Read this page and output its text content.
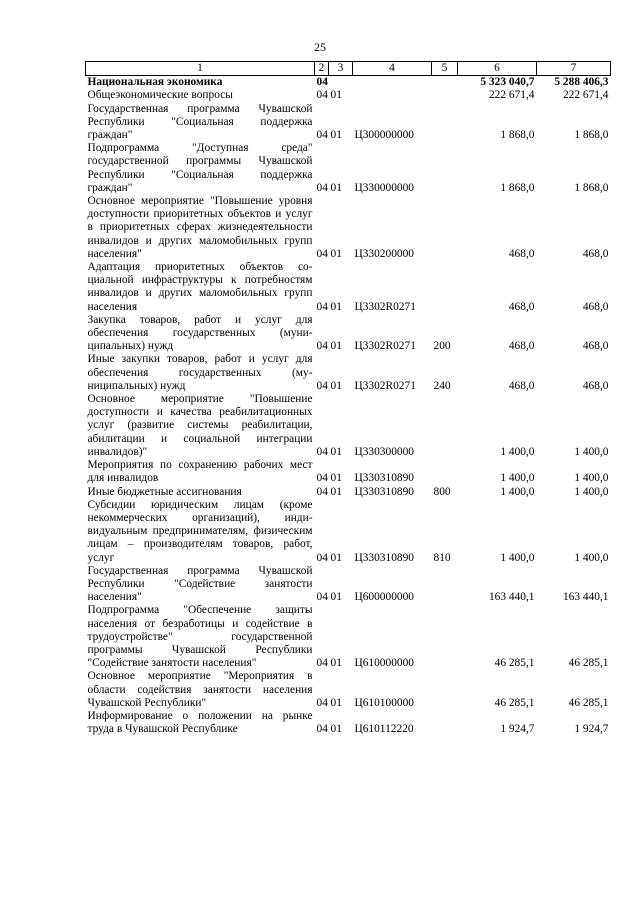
25
1	2	3	4	5	6	7
Национальная экономика	04				5 323 040,7	5 288 406,3
Общеэкономические вопросы	04	01			222 671,4	222 671,4
Государственная программа Чувашской Республики "Социальная поддержка граждан"	04	01	Ц300000000		1 868,0	1 868,0
Подпрограмма "Доступная среда" государственной программы Чувашской Республики "Социальная поддержка граждан"	04	01	Ц330000000		1 868,0	1 868,0
Основное мероприятие "Повышение уровня доступности приоритетных объектов и услуг в приоритетных сферах жизнедеятельности инвалидов и других маломобильных групп населения"	04	01	Ц330200000		468,0	468,0
Адаптация приоритетных объектов социальной инфраструктуры к потребностям инвалидов и других маломобильных групп населения	04	01	Ц3302R0271		468,0	468,0
Закупка товаров, работ и услуг для обеспечения государственных (муниципальных) нужд	04	01	Ц3302R0271	200	468,0	468,0
Иные закупки товаров, работ и услуг для обеспечения государственных (муниципальных) нужд	04	01	Ц3302R0271	240	468,0	468,0
Основное мероприятие "Повышение доступности и качества реабилитационных услуг (развитие системы реабилитации, абилитации и социальной интеграции инвалидов)"	04	01	Ц330300000		1 400,0	1 400,0
Мероприятия по сохранению рабочих мест для инвалидов	04	01	Ц330310890		1 400,0	1 400,0
Иные бюджетные ассигнования	04	01	Ц330310890	800	1 400,0	1 400,0
Субсидии юридическим лицам (кроме некоммерческих организаций), индивидуальным предпринимателям, физическим лицам – производителям товаров, работ, услуг	04	01	Ц330310890	810	1 400,0	1 400,0
Государственная программа Чувашской Республики "Содействие занятости населения"	04	01	Ц600000000		163 440,1	163 440,1
Подпрограмма "Обеспечение защиты населения от безработицы и содействие в трудоустройстве" государственной программы Чувашской Республики "Содействие занятости населения"	04	01	Ц610000000		46 285,1	46 285,1
Основное мероприятие "Мероприятия в области содействия занятости населения Чувашской Республики"	04	01	Ц610100000		46 285,1	46 285,1
Информирование о положении на рынке труда в Чувашской Республике	04	01	Ц610112220		1 924,7	1 924,7
